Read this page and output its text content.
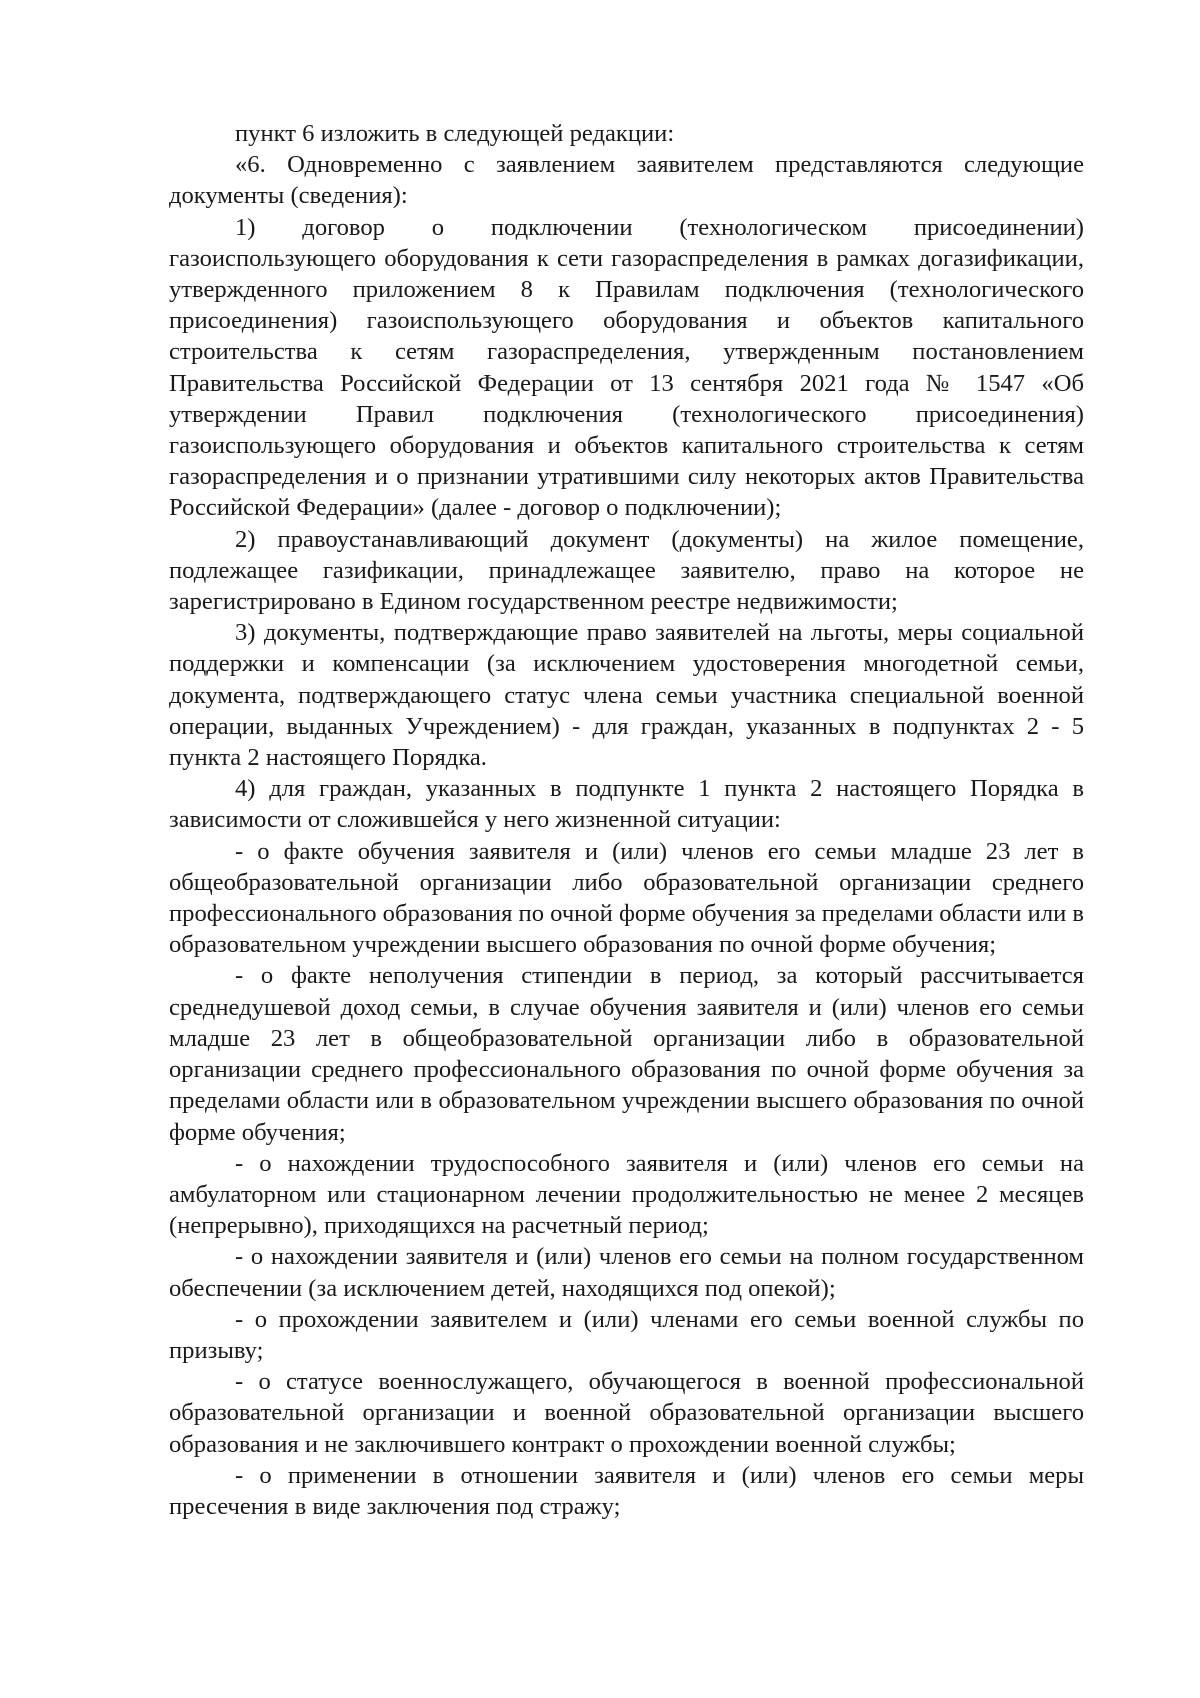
пункт 6 изложить в следующей редакции:

«6. Одновременно с заявлением заявителем представляются следующие документы (сведения):

1) договор о подключении (технологическом присоединении) газоиспользующего оборудования к сети газораспределения в рамках догазификации, утвержденного приложением 8 к Правилам подключения (технологического присоединения) газоиспользующего оборудования и объектов капитального строительства к сетям газораспределения, утвержденным постановлением Правительства Российской Федерации от 13 сентября 2021 года № 1547 «Об утверждении Правил подключения (технологического присоединения) газоиспользующего оборудования и объектов капитального строительства к сетям газораспределения и о признании утратившими силу некоторых актов Правительства Российской Федерации» (далее - договор о подключении);

2) правоустанавливающий документ (документы) на жилое помещение, подлежащее газификации, принадлежащее заявителю, право на которое не зарегистрировано в Едином государственном реестре недвижимости;

3) документы, подтверждающие право заявителей на льготы, меры социальной поддержки и компенсации (за исключением удостоверения многодетной семьи, документа, подтверждающего статус члена семьи участника специальной военной операции, выданных Учреждением) - для граждан, указанных в подпунктах 2 - 5 пункта 2 настоящего Порядка.

4) для граждан, указанных в подпункте 1 пункта 2 настоящего Порядка в зависимости от сложившейся у него жизненной ситуации:

- о факте обучения заявителя и (или) членов его семьи младше 23 лет в общеобразовательной организации либо образовательной организации среднего профессионального образования по очной форме обучения за пределами области или в образовательном учреждении высшего образования по очной форме обучения;

- о факте неполучения стипендии в период, за который рассчитывается среднедушевой доход семьи, в случае обучения заявителя и (или) членов его семьи младше 23 лет в общеобразовательной организации либо в образовательной организации среднего профессионального образования по очной форме обучения за пределами области или в образовательном учреждении высшего образования по очной форме обучения;

- о нахождении трудоспособного заявителя и (или) членов его семьи на амбулаторном или стационарном лечении продолжительностью не менее 2 месяцев (непрерывно), приходящихся на расчетный период;

- о нахождении заявителя и (или) членов его семьи на полном государственном обеспечении (за исключением детей, находящихся под опекой);

- о прохождении заявителем и (или) членами его семьи военной службы по призыву;

- о статусе военнослужащего, обучающегося в военной профессиональной образовательной организации и военной образовательной организации высшего образования и не заключившего контракт о прохождении военной службы;

- о применении в отношении заявителя и (или) членов его семьи меры пресечения в виде заключения под стражу;
